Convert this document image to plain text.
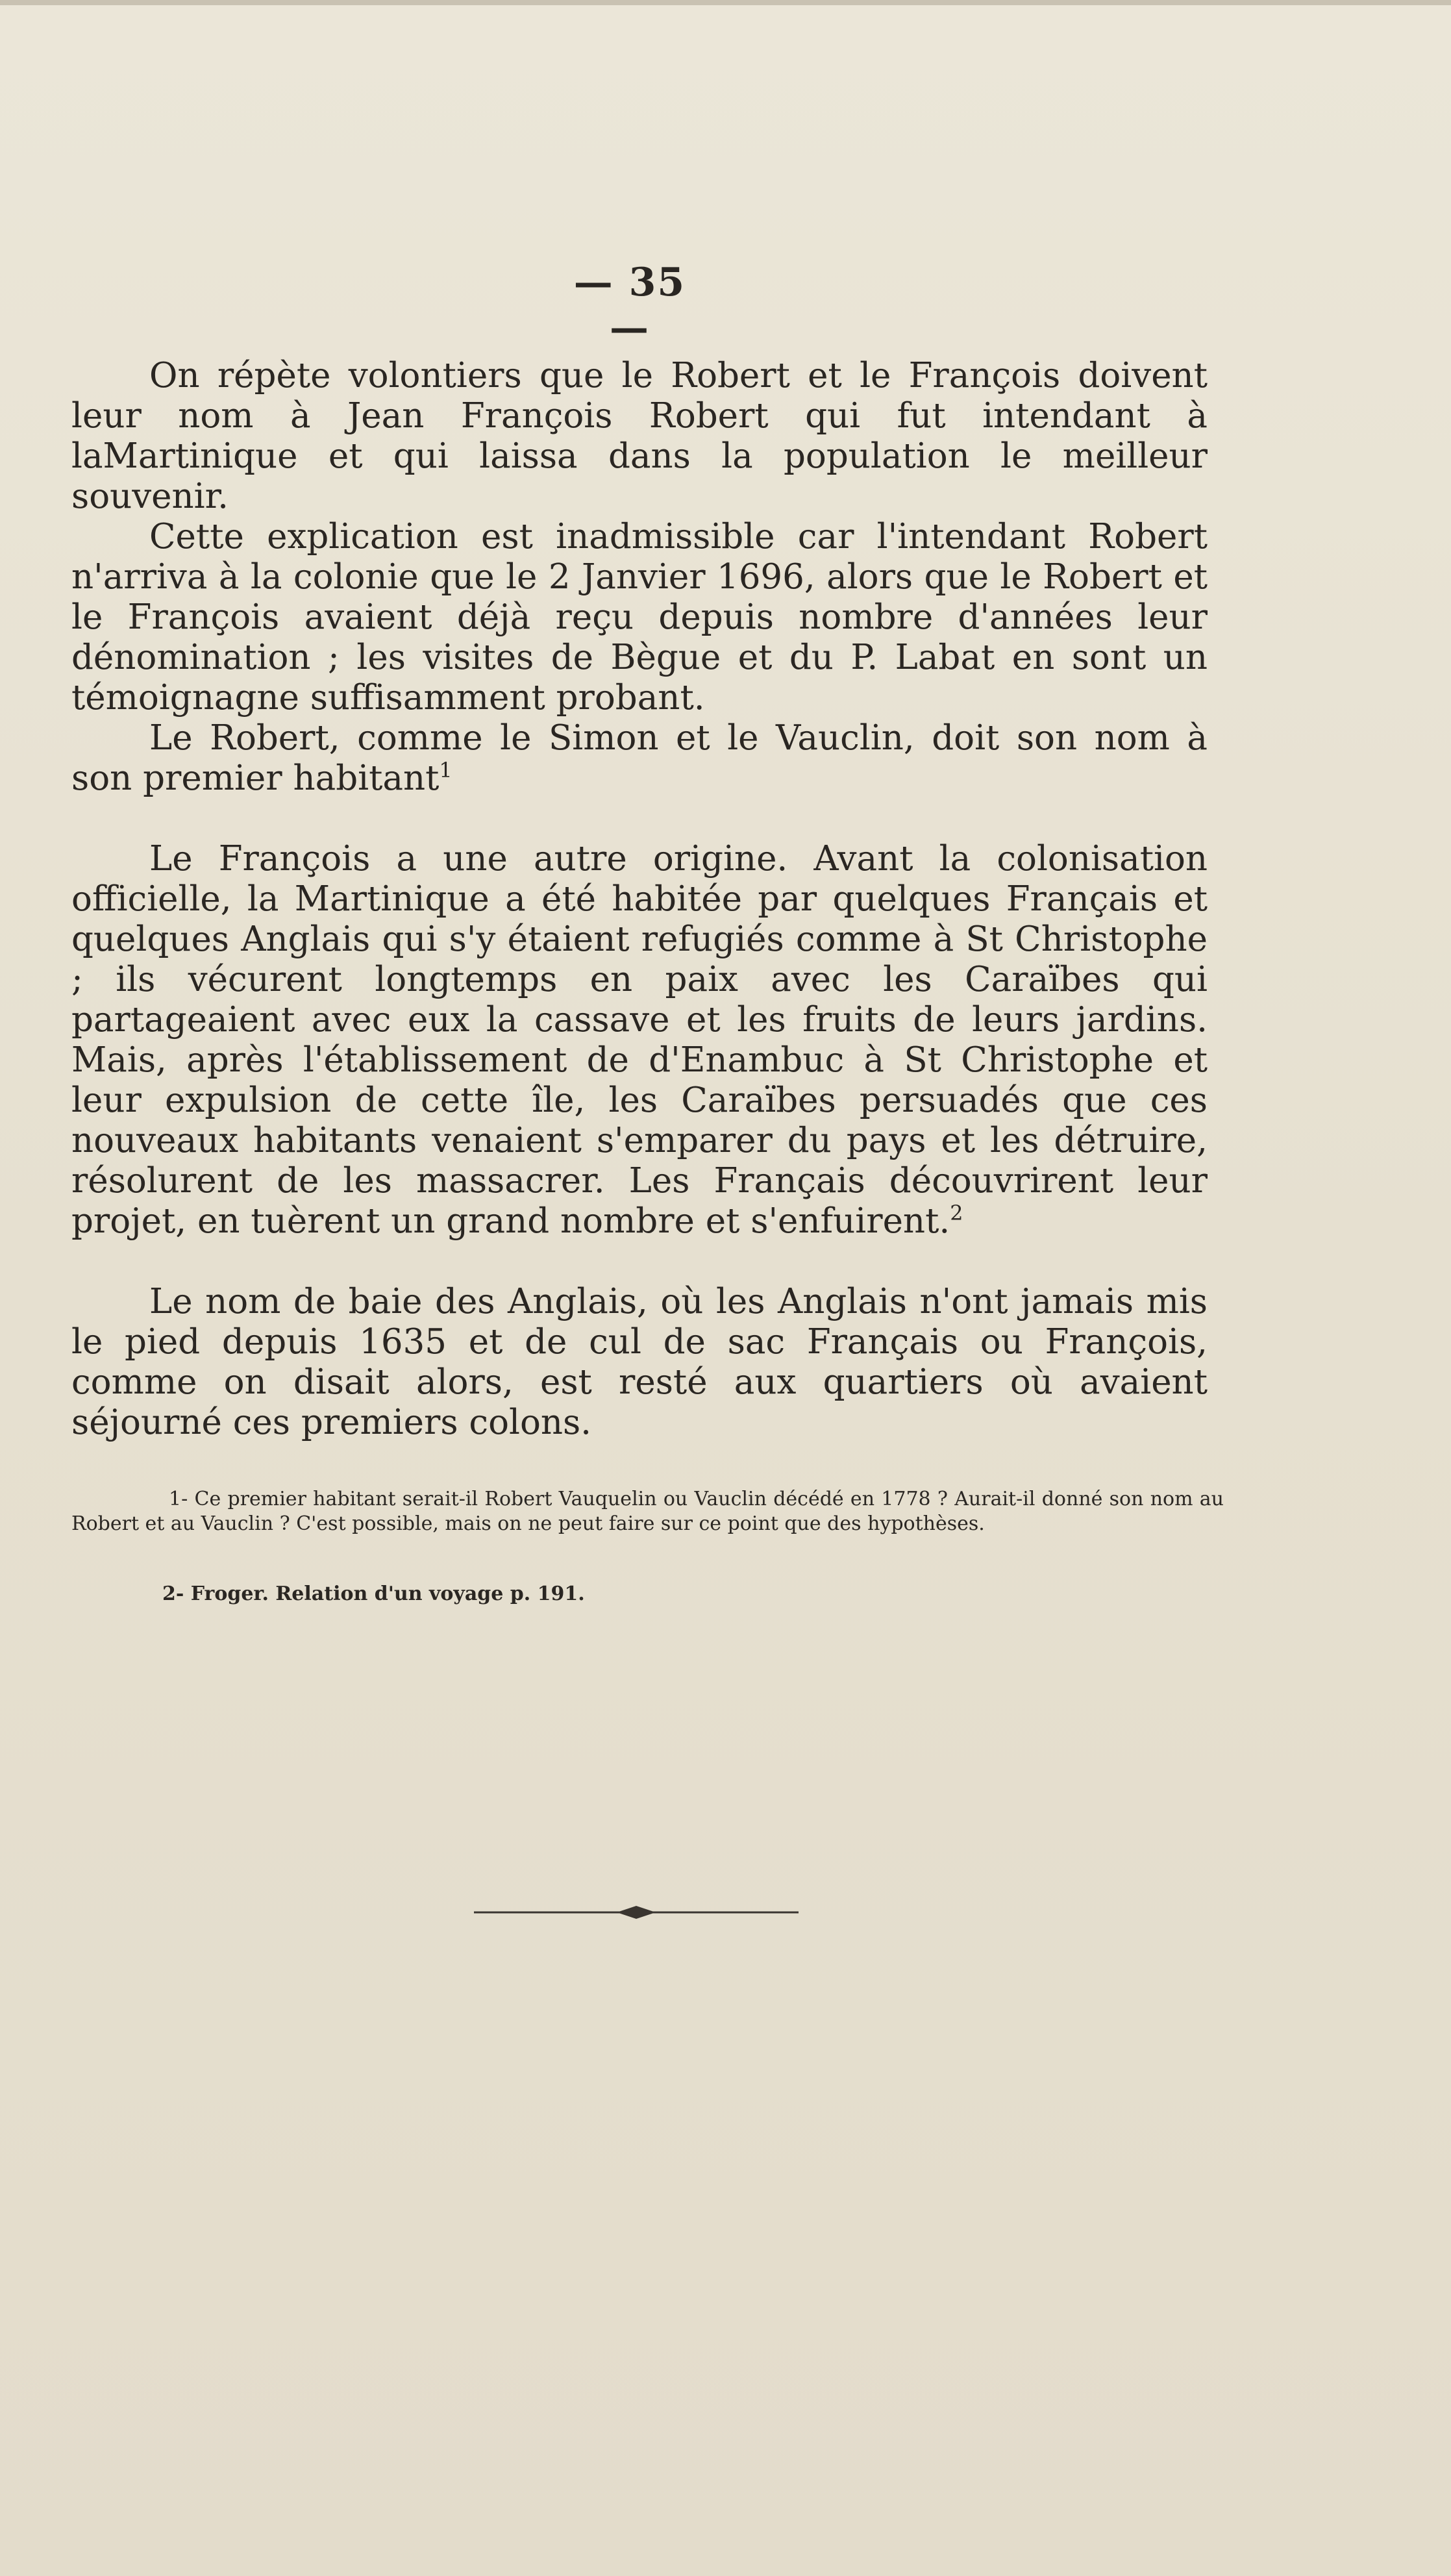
— 35 —

On répète volontiers que le Robert et le François doivent leur nom à Jean François Robert qui fut intendant à laMartinique et qui laissa dans la population le meilleur souvenir.

Cette explication est inadmissible car l'intendant Robert n'arriva à la colonie que le 2 Janvier 1696, alors que le Robert et le François avaient déjà reçu depuis nombre d'années leur dénomination ; les visites de Bègue et du P. Labat en sont un témoignagne suffisamment probant.

Le Robert, comme le Simon et le Vauclin, doit son nom à son premier habitant$^1$

Le François a une autre origine. Avant la colonisation officielle, la Martinique a été habitée par quelques Français et quelques Anglais qui s'y étaient refugiés comme à St Christophe ; ils vécurent longtemps en paix avec les Caraïbes qui partageaient avec eux la cassave et les fruits de leurs jardins. Mais, après l'établissement de d'Enambuc à St Christophe et leur expulsion de cette île, les Caraïbes persuadés que ces nouveaux habitants venaient s'emparer du pays et les détruire, résolurent de les massacrer. Les Français découvrirent leur projet, en tuèrent un grand nombre et s'enfuirent.$^2$

Le nom de baie des Anglais, où les Anglais n'ont jamais mis le pied depuis 1635 et de cul de sac Français ou François, comme on disait alors, est resté aux quartiers où avaient séjourné ces premiers colons.

1- Ce premier habitant serait-il Robert Vauquelin ou Vauclin décédé en 1778 ? Aurait-il donné son nom au Robert et au Vauclin ? C'est possible, mais on ne peut faire sur ce point que des hypothèses.

2- Froger. Relation d'un voyage p. 191.
